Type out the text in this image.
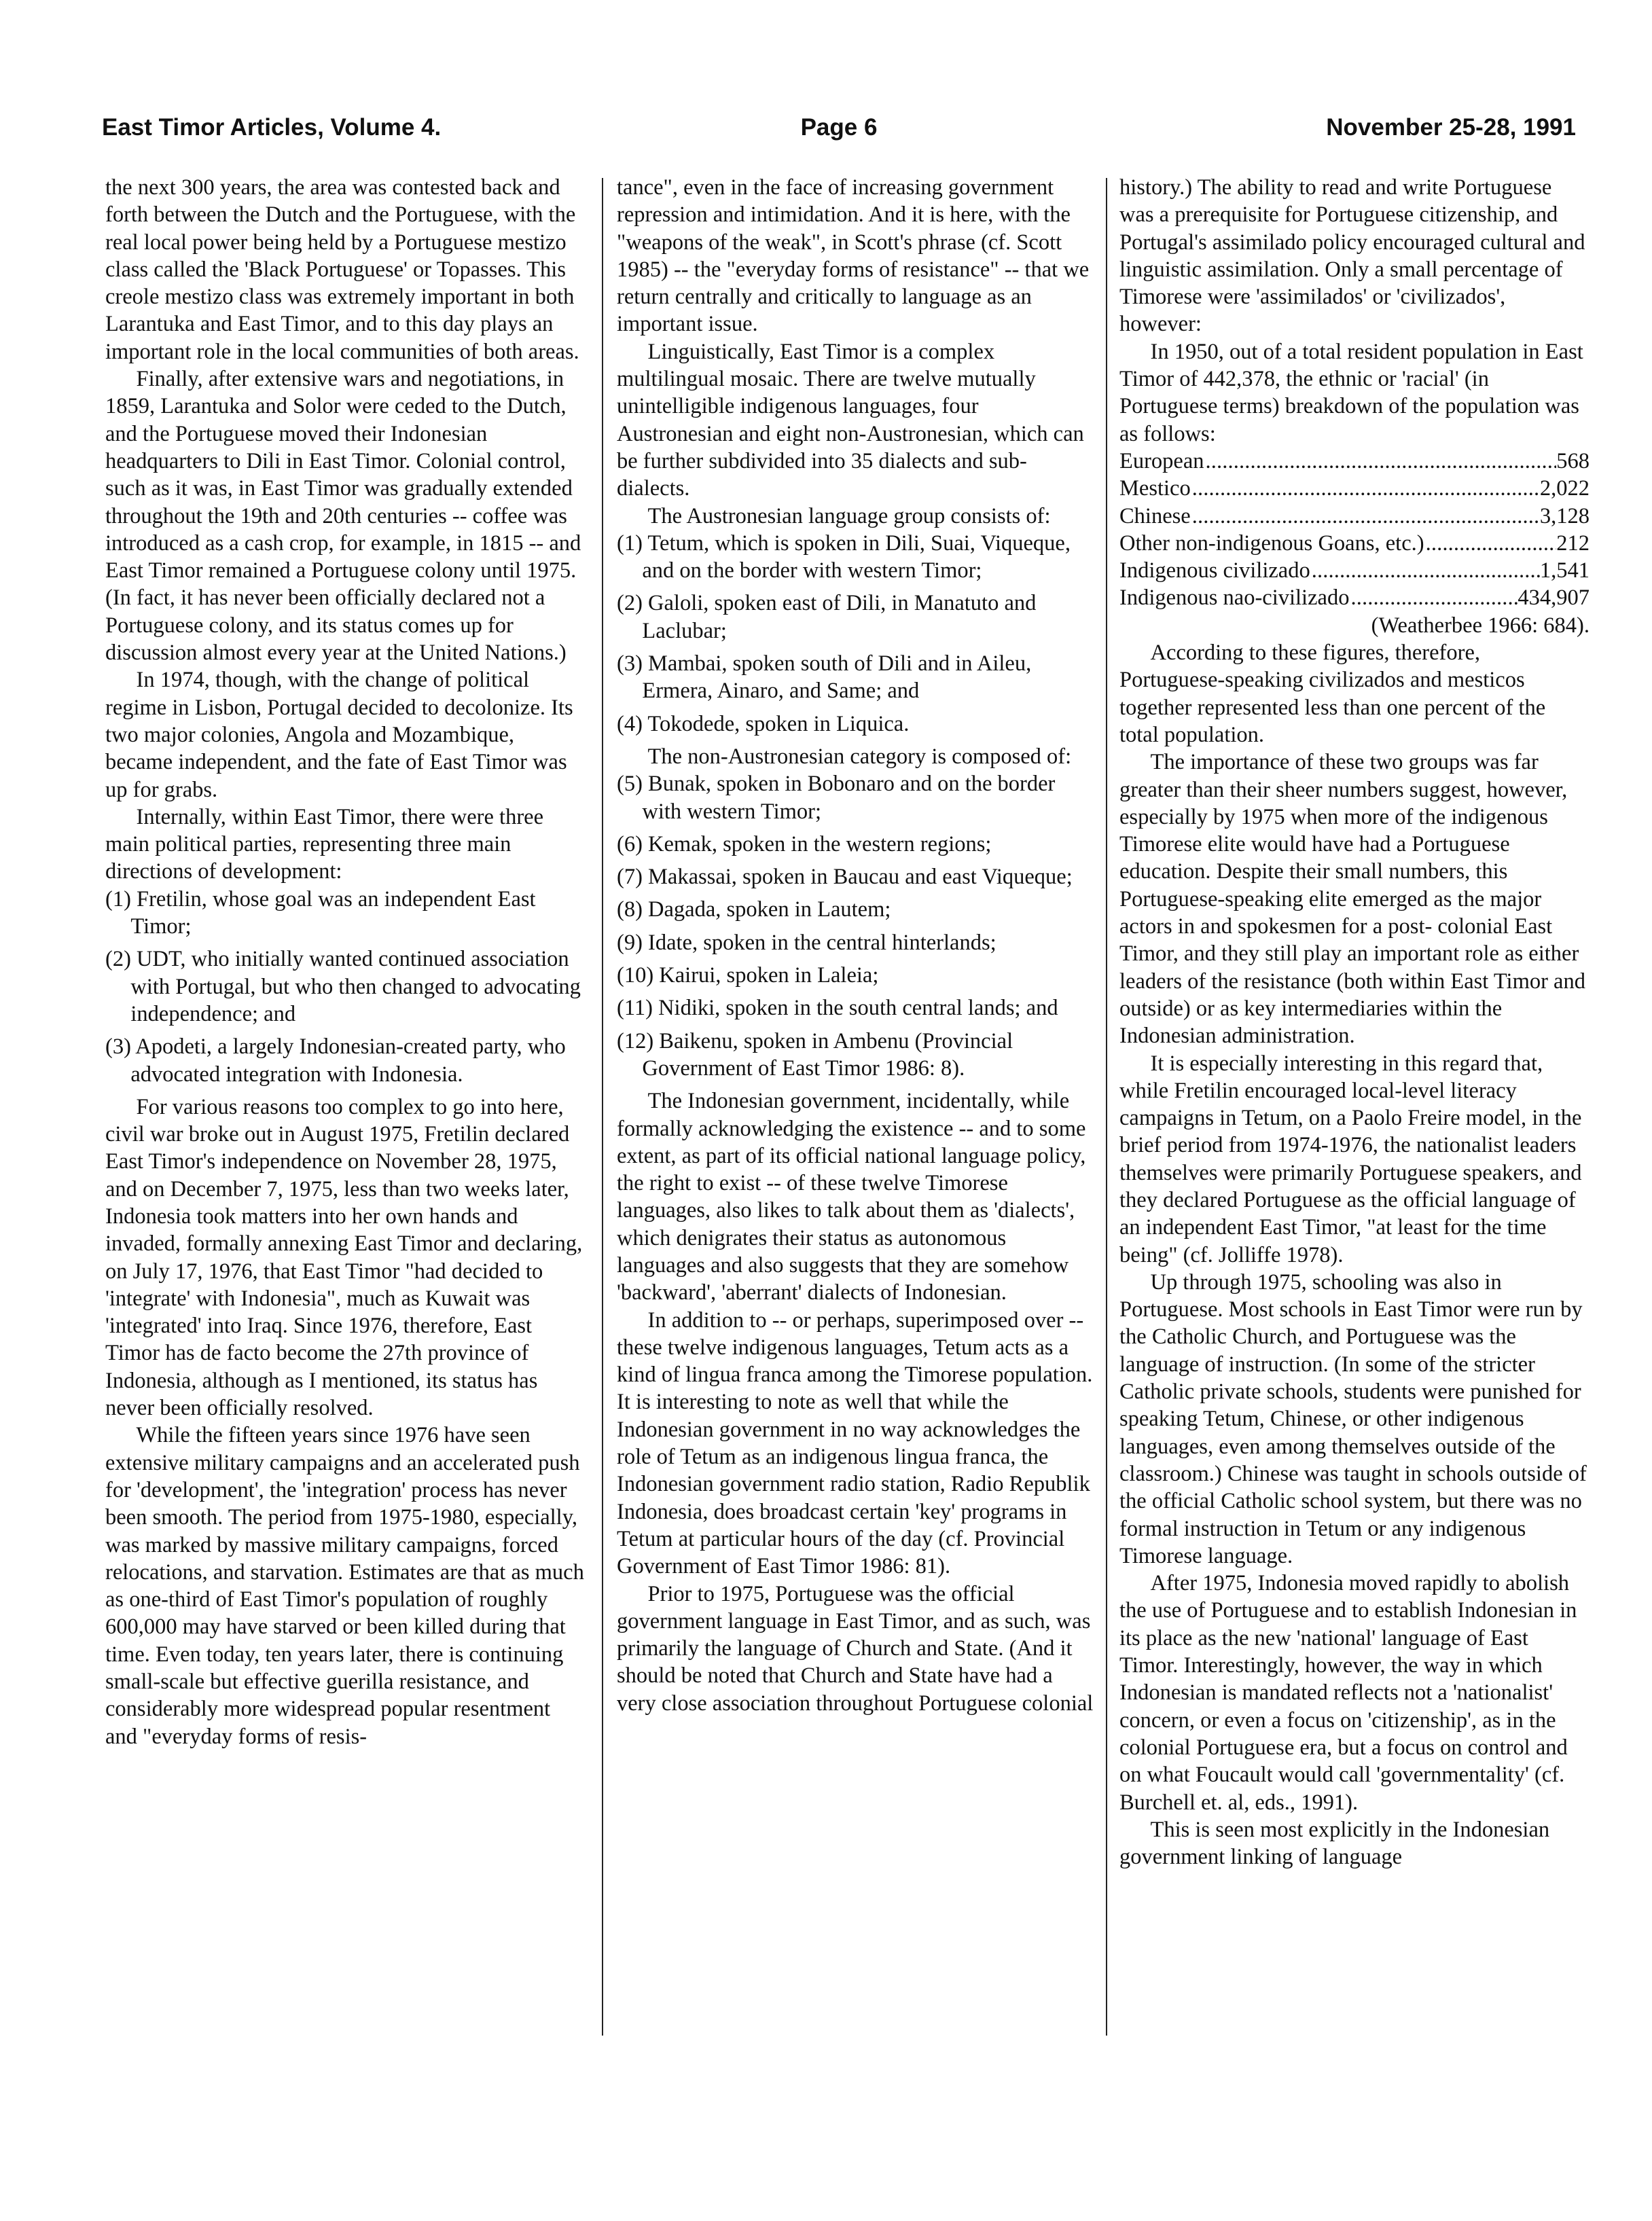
East Timor Articles, Volume 4.	Page 6	November 25-28, 1991

the next 300 years, the area was contested back and forth between the Dutch and the Portuguese, with the real local power being held by a Portuguese mestizo class called the 'Black Portuguese' or Topasses. This creole mestizo class was extremely important in both Larantuka and East Timor, and to this day plays an important role in the local communities of both areas.

Finally, after extensive wars and negotiations, in 1859, Larantuka and Solor were ceded to the Dutch, and the Portuguese moved their Indonesian headquarters to Dili in East Timor. Colonial control, such as it was, in East Timor was gradually extended throughout the 19th and 20th centuries -- coffee was introduced as a cash crop, for example, in 1815 -- and East Timor remained a Portuguese colony until 1975. (In fact, it has never been officially declared not a Portuguese colony, and its status comes up for discussion almost every year at the United Nations.)

In 1974, though, with the change of political regime in Lisbon, Portugal decided to decolonize. Its two major colonies, Angola and Mozambique, became independent, and the fate of East Timor was up for grabs.

Internally, within East Timor, there were three main political parties, representing three main directions of development:

(1) Fretilin, whose goal was an independent East Timor;
(2) UDT, who initially wanted continued association with Portugal, but who then changed to advocating independence; and
(3) Apodeti, a largely Indonesian-created party, who advocated integration with Indonesia.

For various reasons too complex to go into here, civil war broke out in August 1975, Fretilin declared East Timor's independence on November 28, 1975, and on December 7, 1975, less than two weeks later, Indonesia took matters into her own hands and invaded, formally annexing East Timor and declaring, on July 17, 1976, that East Timor "had decided to 'integrate' with Indonesia", much as Kuwait was 'integrated' into Iraq. Since 1976, therefore, East Timor has de facto become the 27th province of Indonesia, although as I mentioned, its status has never been officially resolved.

While the fifteen years since 1976 have seen extensive military campaigns and an accelerated push for 'development', the 'integration' process has never been smooth. The period from 1975-1980, especially, was marked by massive military campaigns, forced relocations, and starvation. Estimates are that as much as one-third of East Timor's population of roughly 600,000 may have starved or been killed during that time. Even today, ten years later, there is continuing small-scale but effective guerilla resistance, and considerably more widespread popular resentment and "everyday forms of resis-

tance", even in the face of increasing government repression and intimidation. And it is here, with the "weapons of the weak", in Scott's phrase (cf. Scott 1985) -- the "everyday forms of resistance" -- that we return centrally and critically to language as an important issue.

Linguistically, East Timor is a complex multilingual mosaic. There are twelve mutually unintelligible indigenous languages, four Austronesian and eight non-Austronesian, which can be further subdivided into 35 dialects and sub-dialects.

The Austronesian language group consists of:

(1) Tetum, which is spoken in Dili, Suai, Viqueque, and on the border with western Timor;
(2) Galoli, spoken east of Dili, in Manatuto and Laclubar;
(3) Mambai, spoken south of Dili and in Aileu, Ermera, Ainaro, and Same; and
(4) Tokodede, spoken in Liquica.

The non-Austronesian category is composed of:

(5) Bunak, spoken in Bobonaro and on the border with western Timor;
(6) Kemak, spoken in the western regions;
(7) Makassai, spoken in Baucau and east Viqueque;
(8) Dagada, spoken in Lautem;
(9) Idate, spoken in the central hinterlands;
(10) Kairui, spoken in Laleia;
(11) Nidiki, spoken in the south central lands; and
(12) Baikenu, spoken in Ambenu (Provincial Government of East Timor 1986: 8).

The Indonesian government, incidentally, while formally acknowledging the existence -- and to some extent, as part of its official national language policy, the right to exist -- of these twelve Timorese languages, also likes to talk about them as 'dialects', which denigrates their status as autonomous languages and also suggests that they are somehow 'backward', 'aberrant' dialects of Indonesian.

In addition to -- or perhaps, superimposed over -- these twelve indigenous languages, Tetum acts as a kind of lingua franca among the Timorese population. It is interesting to note as well that while the Indonesian government in no way acknowledges the role of Tetum as an indigenous lingua franca, the Indonesian government radio station, Radio Republik Indonesia, does broadcast certain 'key' programs in Tetum at particular hours of the day (cf. Provincial Government of East Timor 1986: 81).

Prior to 1975, Portuguese was the official government language in East Timor, and as such, was primarily the language of Church and State. (And it should be noted that Church and State have had a very close association throughout Portuguese colonial

history.) The ability to read and write Portuguese was a prerequisite for Portuguese citizenship, and Portugal's assimilado policy encouraged cultural and linguistic assimilation. Only a small percentage of Timorese were 'assimilados' or 'civilizados', however:

In 1950, out of a total resident population in East Timor of 442,378, the ethnic or 'racial' (in Portuguese terms) breakdown of the population was as follows:

European . . .	568
Mestico . . .	2,022
Chinese . . .	3,128
Other non-indigenous Goans, etc.) . . .	212
Indigenous civilizado . . .	1,541
Indigenous nao-civilizado . . .	434,907

(Weatherbee 1966: 684).

According to these figures, therefore, Portuguese-speaking civilizados and mesticos together represented less than one percent of the total population.

The importance of these two groups was far greater than their sheer numbers suggest, however, especially by 1975 when more of the indigenous Timorese elite would have had a Portuguese education. Despite their small numbers, this Portuguese-speaking elite emerged as the major actors in and spokesmen for a post- colonial East Timor, and they still play an important role as either leaders of the resistance (both within East Timor and outside) or as key intermediaries within the Indonesian administration.

It is especially interesting in this regard that, while Fretilin encouraged local-level literacy campaigns in Tetum, on a Paolo Freire model, in the brief period from 1974-1976, the nationalist leaders themselves were primarily Portuguese speakers, and they declared Portuguese as the official language of an independent East Timor, "at least for the time being" (cf. Jolliffe 1978).

Up through 1975, schooling was also in Portuguese. Most schools in East Timor were run by the Catholic Church, and Portuguese was the language of instruction. (In some of the stricter Catholic private schools, students were punished for speaking Tetum, Chinese, or other indigenous languages, even among themselves outside of the classroom.) Chinese was taught in schools outside of the official Catholic school system, but there was no formal instruction in Tetum or any indigenous Timorese language.

After 1975, Indonesia moved rapidly to abolish the use of Portuguese and to establish Indonesian in its place as the new 'national' language of East Timor. Interestingly, however, the way in which Indonesian is mandated reflects not a 'nationalist' concern, or even a focus on 'citizenship', as in the colonial Portuguese era, but a focus on control and on what Foucault would call 'governmentality' (cf. Burchell et. al, eds., 1991).

This is seen most explicitly in the Indonesian government linking of language
